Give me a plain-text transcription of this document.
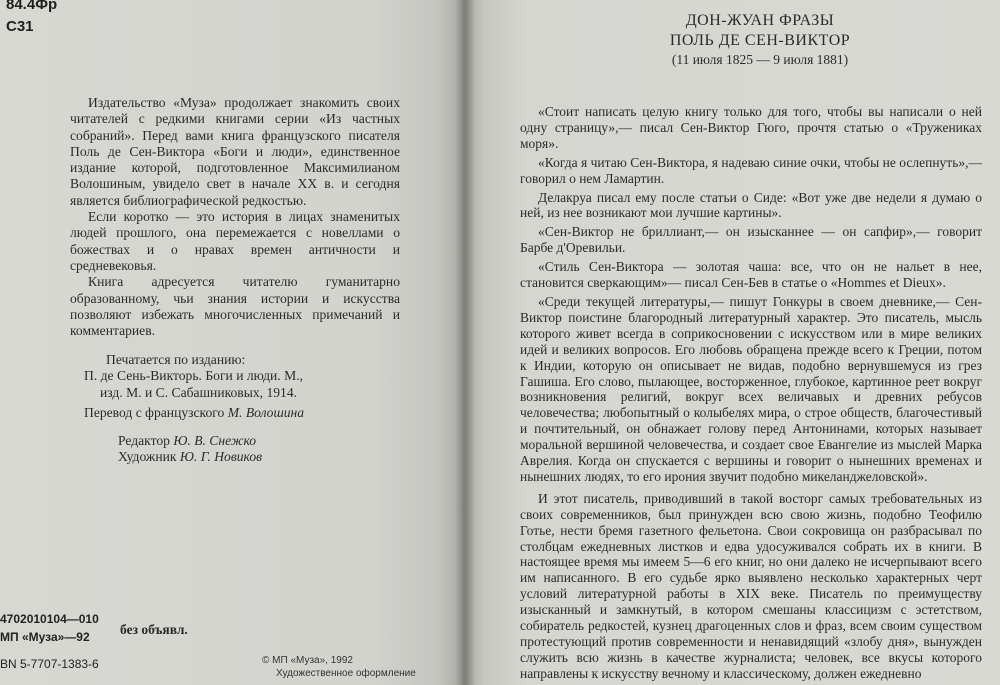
84.4Фр
С31

Издательство «Муза» продолжает знакомить своих читателей с редкими книгами серии «Из частных собраний». Перед вами книга французского писателя Поль де Сен-Виктора «Боги и люди», единственное издание которой, подготовленное Максимилианом Волошиным, увидело свет в начале XX в. и сегодня является библиографической редкостью.

Если коротко — это история в лицах знаменитых людей прошлого, она перемежается с новеллами о божествах и о нравах времен античности и средневековья.

Книга адресуется читателю гуманитарно образованному, чьи знания истории и искусства позволяют избежать многочисленных примечаний и комментариев.

Печатается по изданию:
П. де Сень-Викторь. Боги и люди. М.,
изд. М. и С. Сабашниковых, 1914.
Перевод с французского М. Волошина
Редактор Ю. В. Снежко
Художник Ю. Г. Новиков
4702010104—010
МП «Муза»—92 без объявл.
BN 5-7707-1383-6	© МП «Муза», 1992
Художественное оформление
ДОН-ЖУАН ФРАЗЫ
ПОЛЬ ДЕ СЕН-ВИКТОР
(11 июля 1825 — 9 июля 1881)

«Стоит написать целую книгу только для того, чтобы вы написали о ней одну страницу»,— писал Сен-Виктор Гюго, прочтя статью о «Тружениках моря».

«Когда я читаю Сен-Виктора, я надеваю синие очки, чтобы не ослепнуть»,— говорил о нем Ламартин.

Делакруа писал ему после статьи о Сиде: «Вот уже две недели я думаю о ней, из нее возникают мои лучшие картины».

«Сен-Виктор не бриллиант,— он изысканнее — он сапфир»,— говорит Барбе д'Оревильи.

«Стиль Сен-Виктора — золотая чаша: все, что он не нальет в нее, становится сверкающим»— писал Сен-Бев в статье о «Hommes et Dieux».

«Среди текущей литературы,— пишут Гонкуры в своем дневнике,— Сен-Виктор поистине благородный литературный характер. Это писатель, мысль которого живет всегда в соприкосновении с искусством или в мире великих идей и великих вопросов. Его любовь обращена прежде всего к Греции, потом к Индии, которую он описывает не видав, подобно вернувшемуся из грез Гашиша. Его слово, пылающее, восторженное, глубокое, картинное реет вокруг возникновения религий, вокруг всех величавых и древних ребусов человечества; любопытный о колыбелях мира, о строе обществ, благочестивый и почтительный, он обнажает голову перед Антонинами, которых называет моральной вершиной человечества, и создает свое Евангелие из мыслей Марка Аврелия. Когда он спускается с вершины и говорит о нынешних временах и нынешних людях, то его ирония звучит подобно микеланджеловской».

И этот писатель, приводивший в такой восторг самых требовательных из своих современников, был принужден всю свою жизнь, подобно Теофилю Готье, нести бремя газетного фельетона. Свои сокровища он разбрасывал по столбцам ежедневных листков и едва удосуживался собрать их в книги. В настоящее время мы имеем 5—6 его книг, но они далеко не исчерпывают всего им написанного. В его судьбе ярко выявлено несколько характерных черт условий литературной работы в XIX веке. Писатель по преимуществу изысканный и замкнутый, в котором смешаны классицизм с эстетством, собиратель редкостей, кузнец драгоценных слов и фраз, всем своим существом протестующий против современности и ненавидящий «злобу дня», вынужден служить всю жизнь в качестве журналиста; человек, все вкусы которого направлены к искусству вечному и классическому, должен ежедневно
